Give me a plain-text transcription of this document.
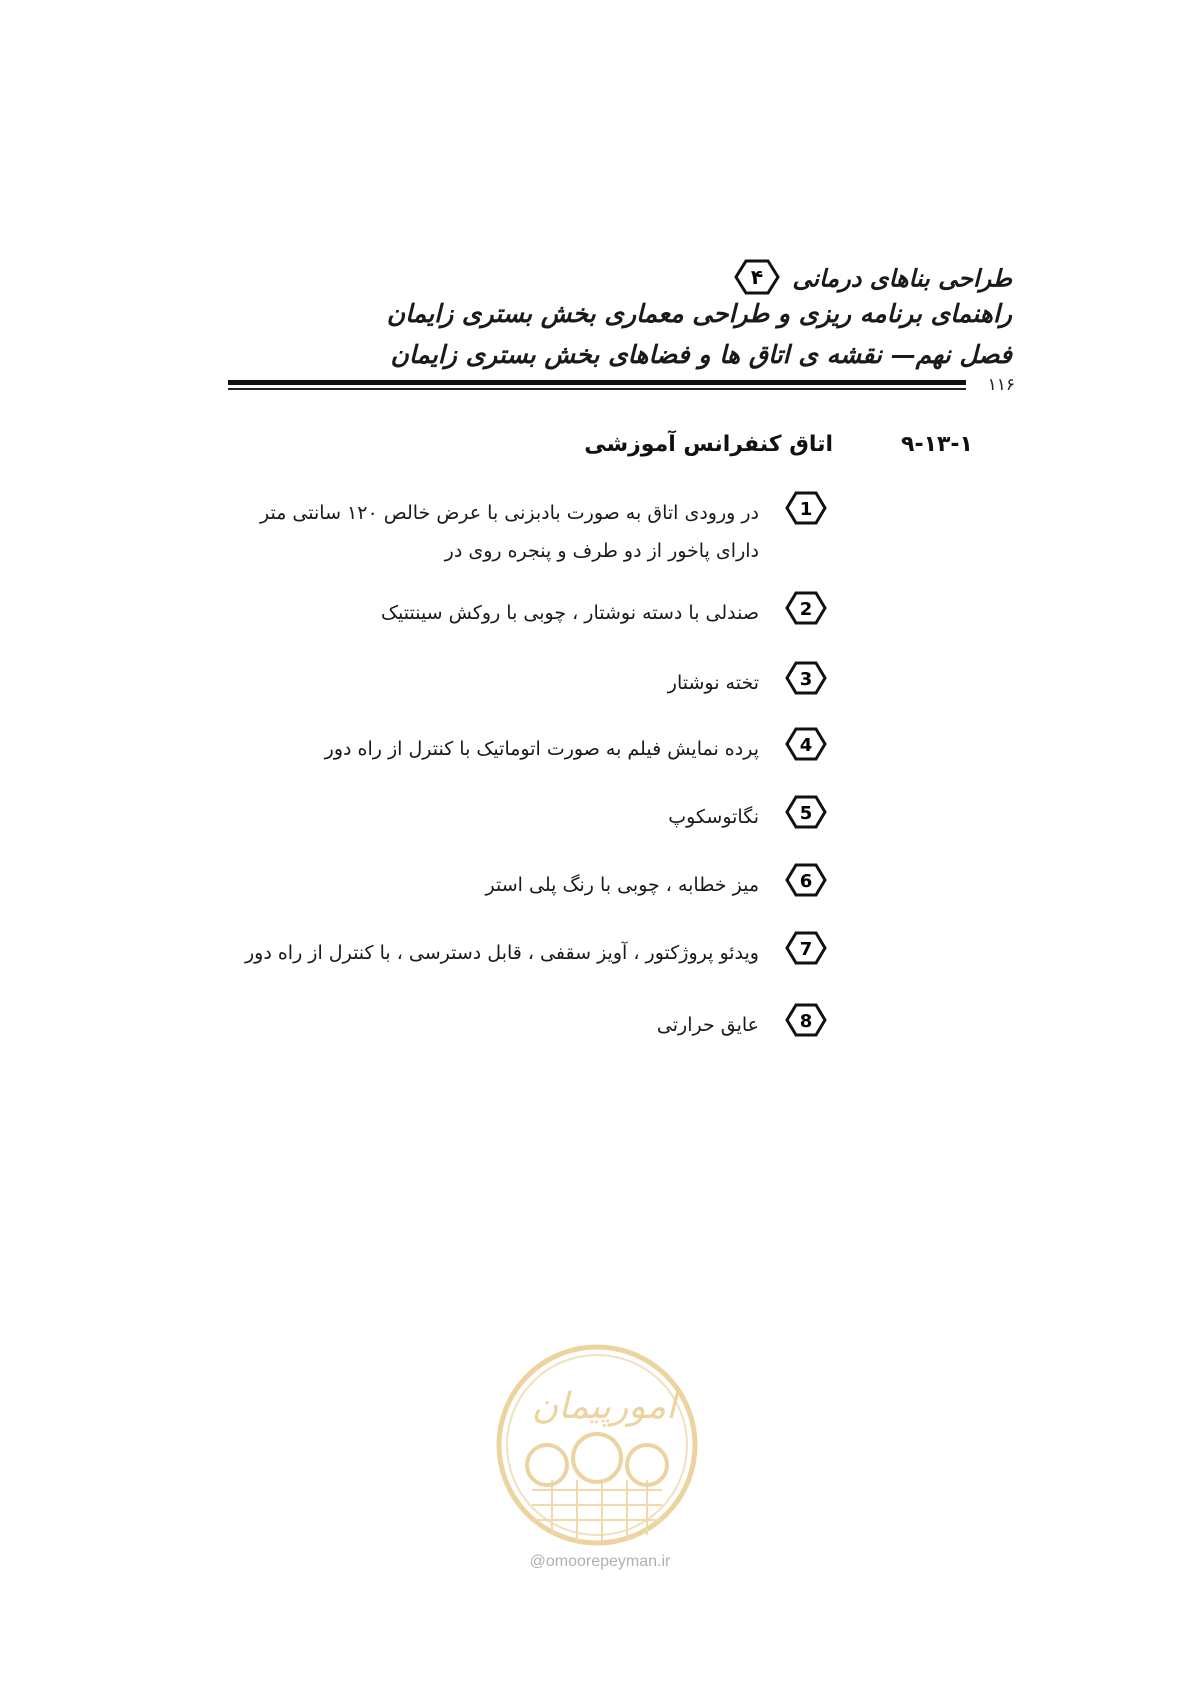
طراحی بناهای درمانی
۴
راهنمای برنامه ریزی و طراحی معماری بخش بستری زایمان
فصل نهم— نقشه ی اتاق ها و فضاهای بخش بستری زایمان
۱۱۶
۹-۱۳-۱
اتاق کنفرانس آموزشی
1
در ورودی اتاق به صورت بادبزنی با عرض خالص ۱۲۰ سانتی متر
دارای پاخور از دو طرف و پنجره روی در
2
صندلی با دسته نوشتار ، چوبی با روکش سینتتیک
3
تخته نوشتار
4
پرده نمایش فیلم به صورت اتوماتیک با کنترل از راه دور
5
نگاتوسکوپ
6
میز خطابه ، چوبی با رنگ پلی استر
7
ویدئو پروژکتور ، آویز سقفی ، قابل دسترسی ، با کنترل از راه دور
8
عایق حرارتی
امورپیمان
@omoorepeyman.ir
